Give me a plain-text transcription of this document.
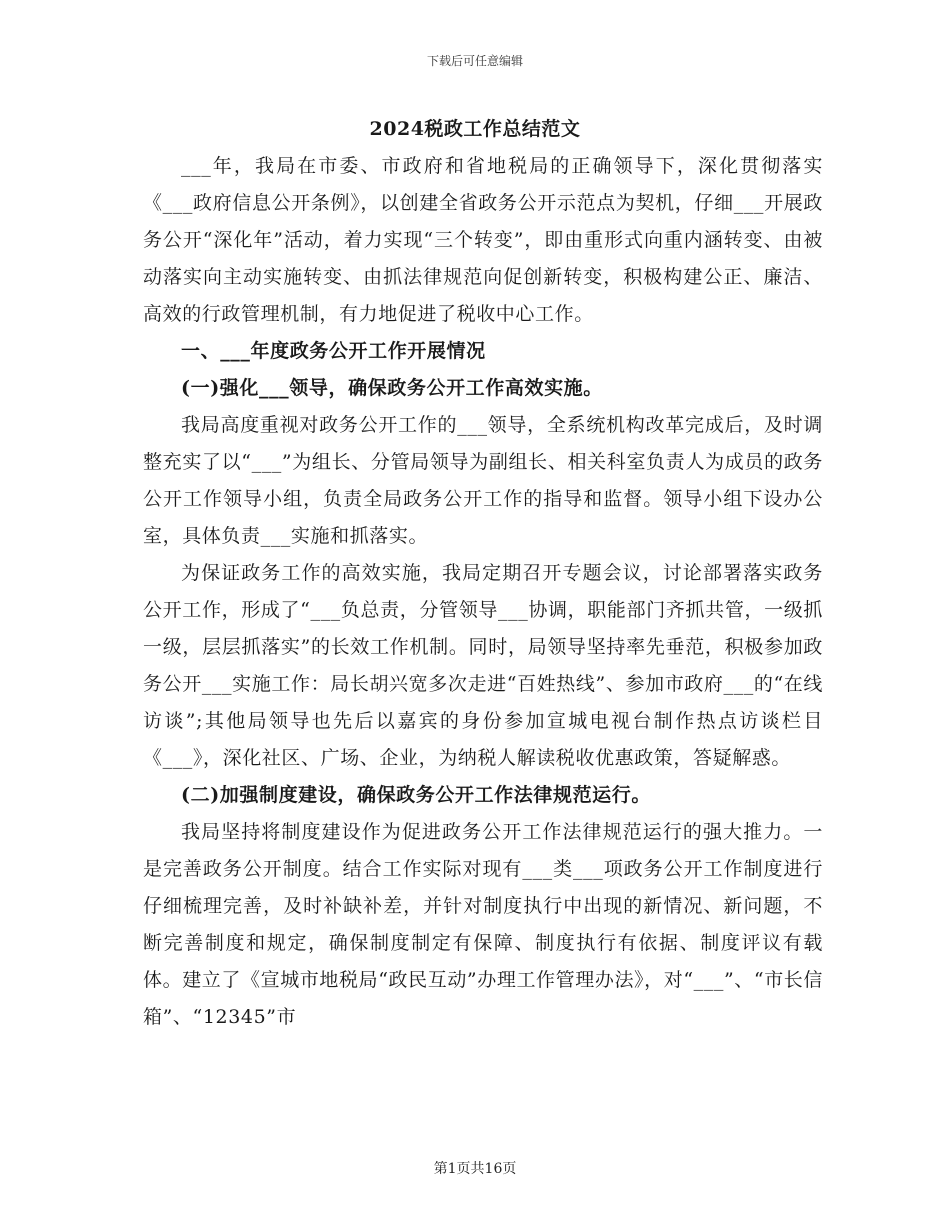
下载后可任意编辑
2024税政工作总结范文

___年，我局在市委、市政府和省地税局的正确领导下，深化贯彻落实《___政府信息公开条例》，以创建全省政务公开示范点为契机，仔细___开展政务公开“深化年”活动，着力实现“三个转变”，即由重形式向重内涵转变、由被动落实向主动实施转变、由抓法律规范向促创新转变，积极构建公正、廉洁、高效的行政管理机制，有力地促进了税收中心工作。

一、___年度政务公开工作开展情况

(一)强化___领导，确保政务公开工作高效实施。

我局高度重视对政务公开工作的___领导，全系统机构改革完成后，及时调整充实了以“___”为组长、分管局领导为副组长、相关科室负责人为成员的政务公开工作领导小组，负责全局政务公开工作的指导和监督。领导小组下设办公室，具体负责___实施和抓落实。

为保证政务工作的高效实施，我局定期召开专题会议，讨论部署落实政务公开工作，形成了“___负总责，分管领导___协调，职能部门齐抓共管，一级抓一级，层层抓落实”的长效工作机制。同时，局领导坚持率先垂范，积极参加政务公开___实施工作：局长胡兴宽多次走进“百姓热线”、参加市政府___的“在线访谈”;其他局领导也先后以嘉宾的身份参加宣城电视台制作热点访谈栏目《___》，深化社区、广场、企业，为纳税人解读税收优惠政策，答疑解惑。

(二)加强制度建设，确保政务公开工作法律规范运行。

我局坚持将制度建设作为促进政务公开工作法律规范运行的强大推力。一是完善政务公开制度。结合工作实际对现有___类___项政务公开工作制度进行仔细梳理完善，及时补缺补差，并针对制度执行中出现的新情况、新问题，不断完善制度和规定，确保制度制定有保障、制度执行有依据、制度评议有载体。建立了《宣城市地税局“政民互动”办理工作管理办法》，对“___”、“市长信箱”、“12345”市

第1页共16页
